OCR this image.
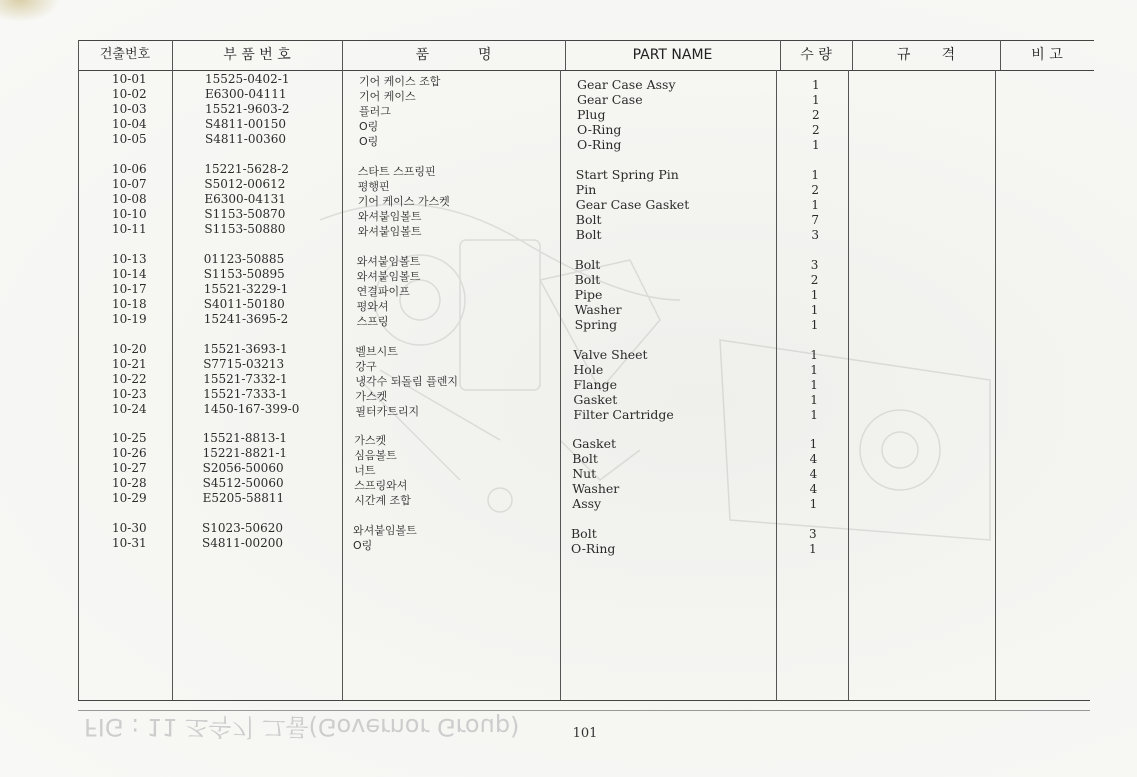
건출번호	부 품 번 호	품           명	PART NAME	수 량	규       격	비 고
10-01	15525-0402-1	기어 케이스 조합	Gear Case Assy	1
10-02	E6300-04111	기어 케이스	Gear Case	1
10-03	15521-9603-2	플러그	Plug	2
10-04	S4811-00150	O링	O-Ring	2
10-05	S4811-00360	O링	O-Ring	1
10-06	15221-5628-2	스타트 스프링핀	Start Spring Pin	1
10-07	S5012-00612	평행핀	Pin	2
10-08	E6300-04131	기어 케이스 가스켓	Gear Case Gasket	1
10-10	S1153-50870	와셔붙임볼트	Bolt	7
10-11	S1153-50880	와셔붙임볼트	Bolt	3
10-13	01123-50885	와셔붙임볼트	Bolt	3
10-14	S1153-50895	와셔붙임볼트	Bolt	2
10-17	15521-3229-1	연결파이프	Pipe	1
10-18	S4011-50180	평와셔	Washer	1
10-19	15241-3695-2	스프링	Spring	1
10-20	15521-3693-1	벨브시트	Valve Sheet	1
10-21	S7715-03213	강구	Hole	1
10-22	15521-7332-1	냉각수 되돌림 플렌지	Flange	1
10-23	15521-7333-1	가스켓	Gasket	1
10-24	1450-167-399-0	필터카트리지	Filter Cartridge	1
10-25	15521-8813-1	가스켓	Gasket	1
10-26	15221-8821-1	심음볼트	Bolt	4
10-27	S2056-50060	너트	Nut	4
10-28	S4512-50060	스프링와셔	Washer	4
10-29	E5205-58811	시간계 조합	Assy	1
10-30	S1023-50620	와셔붙임볼트	Bolt	3
10-31	S4811-00200	O링	O-Ring	1
101
FIG : 11 조속기 그룹(Governor Group)
